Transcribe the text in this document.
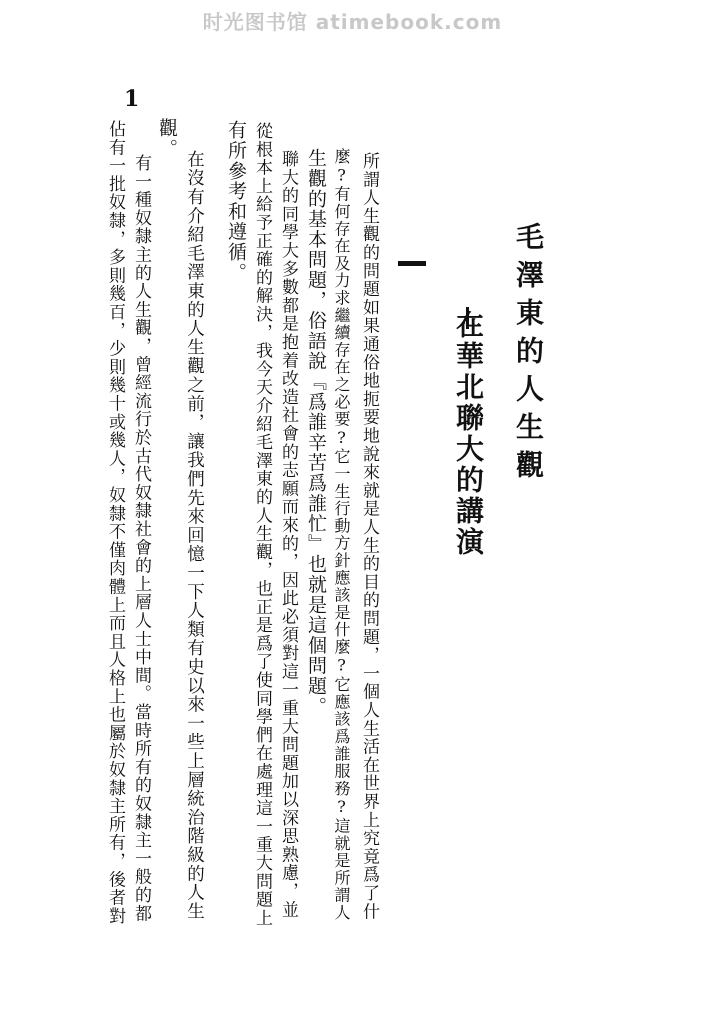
时光图书馆 atimebook.com
1
毛澤東的人生觀
在華北聯大的講演
所謂人生觀的問題如果通俗地扼要地說來就是人生的目的問題，一個人生活在世界上究竟爲了什
麼?有何存在及力求繼續存在之必要?它一生行動方針應該是什麼?它應該爲誰服務?這就是所謂人
生觀的基本問題，俗語說『爲誰辛苦爲誰忙』也就是這個問題。
聯大的同學大多數都是抱着改造社會的志願而來的，因此必須對這一重大問題加以深思熟慮，並
從根本上給予正確的解決，我今天介紹毛澤東的人生觀，也正是爲了使同學們在處理這一重大問題上
有所參考和遵循。
在沒有介紹毛澤東的人生觀之前，讓我們先來回憶一下人類有史以來一些上層統治階級的人生
觀。
有一種奴隸主的人生觀，曾經流行於古代奴隸社會的上層人士中間。當時所有的奴隸主一般的都
佔有一批奴隸，多則幾百，少則幾十或幾人，奴隸不僅肉體上而且人格上也屬於奴隸主所有，後者對
